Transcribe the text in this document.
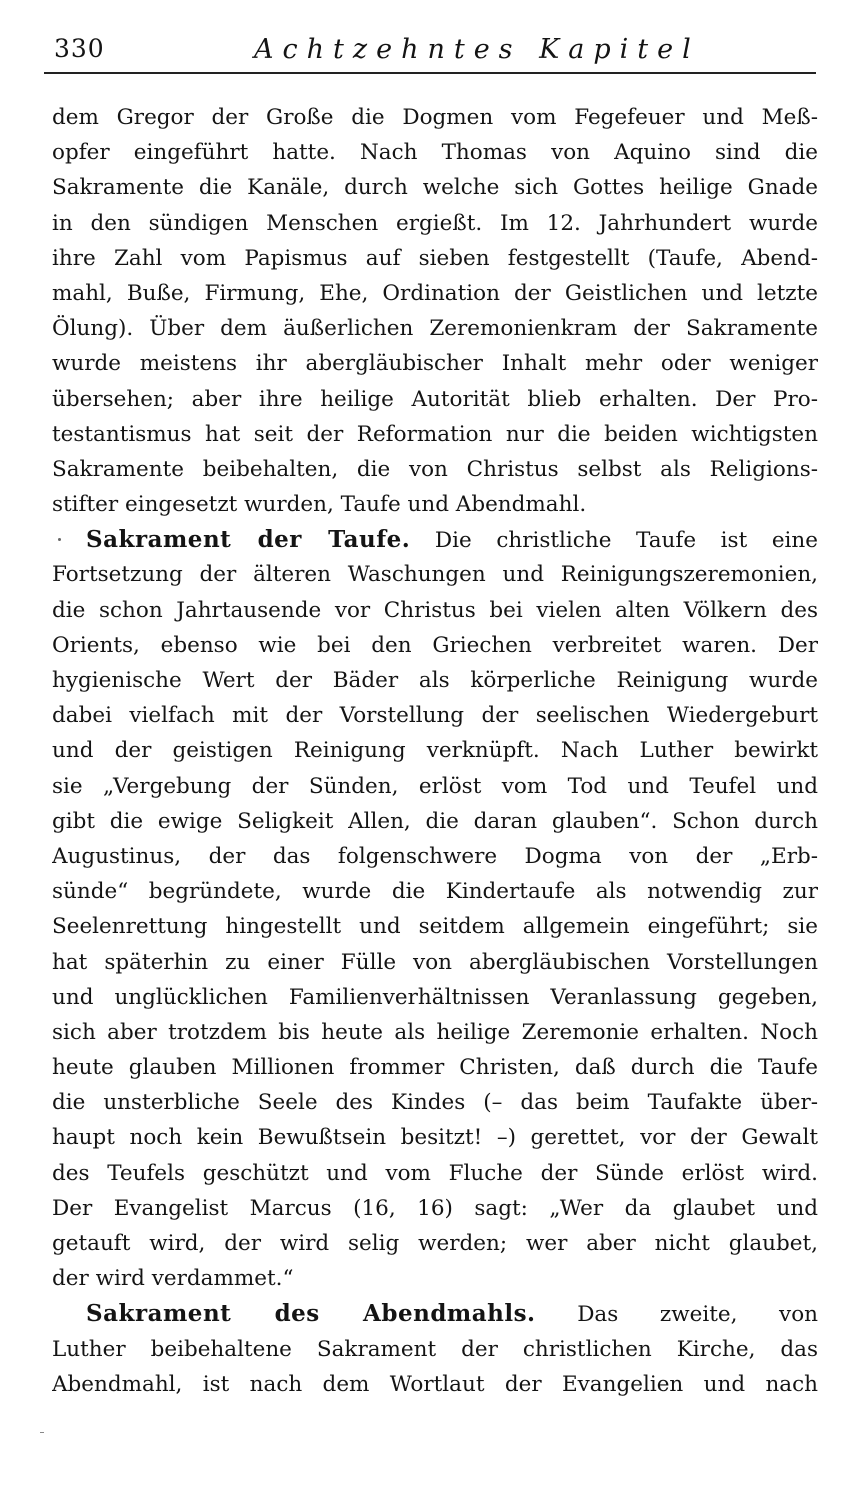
330	Achtzehntes Kapitel
dem Gregor der Große die Dogmen vom Fegefeuer und Meß-
opfer eingeführt hatte. Nach Thomas von Aquino sind die
Sakramente die Kanäle, durch welche sich Gottes heilige Gnade
in den sündigen Menschen ergießt. Im 12. Jahrhundert wurde
ihre Zahl vom Papismus auf sieben festgestellt (Taufe, Abend-
mahl, Buße, Firmung, Ehe, Ordination der Geistlichen und letzte
Ölung). Über dem äußerlichen Zeremonienkram der Sakramente
wurde meistens ihr abergläubischer Inhalt mehr oder weniger
übersehen; aber ihre heilige Autorität blieb erhalten. Der Pro-
testantismus hat seit der Reformation nur die beiden wichtigsten
Sakramente beibehalten, die von Christus selbst als Religions-
stifter eingesetzt wurden, Taufe und Abendmahl.
Sakrament der Taufe. Die christliche Taufe ist eine
Fortsetzung der älteren Waschungen und Reinigungszeremonien,
die schon Jahrtausende vor Christus bei vielen alten Völkern des
Orients, ebenso wie bei den Griechen verbreitet waren. Der
hygienische Wert der Bäder als körperliche Reinigung wurde
dabei vielfach mit der Vorstellung der seelischen Wiedergeburt
und der geistigen Reinigung verknüpft. Nach Luther bewirkt
sie „Vergebung der Sünden, erlöst vom Tod und Teufel und
gibt die ewige Seligkeit Allen, die daran glauben“. Schon durch
Augustinus, der das folgenschwere Dogma von der „Erb-
sünde“ begründete, wurde die Kindertaufe als notwendig zur
Seelenrettung hingestellt und seitdem allgemein eingeführt; sie
hat späterhin zu einer Fülle von abergläubischen Vorstellungen
und unglücklichen Familienverhältnissen Veranlassung gegeben,
sich aber trotzdem bis heute als heilige Zeremonie erhalten. Noch
heute glauben Millionen frommer Christen, daß durch die Taufe
die unsterbliche Seele des Kindes (– das beim Taufakte über-
haupt noch kein Bewußtsein besitzt! –) gerettet, vor der Gewalt
des Teufels geschützt und vom Fluche der Sünde erlöst wird.
Der Evangelist Marcus (16, 16) sagt: „Wer da glaubet und
getauft wird, der wird selig werden; wer aber nicht glaubet,
der wird verdammet.“
Sakrament des Abendmahls. Das zweite, von
Luther beibehaltene Sakrament der christlichen Kirche, das
Abendmahl, ist nach dem Wortlaut der Evangelien und nach
